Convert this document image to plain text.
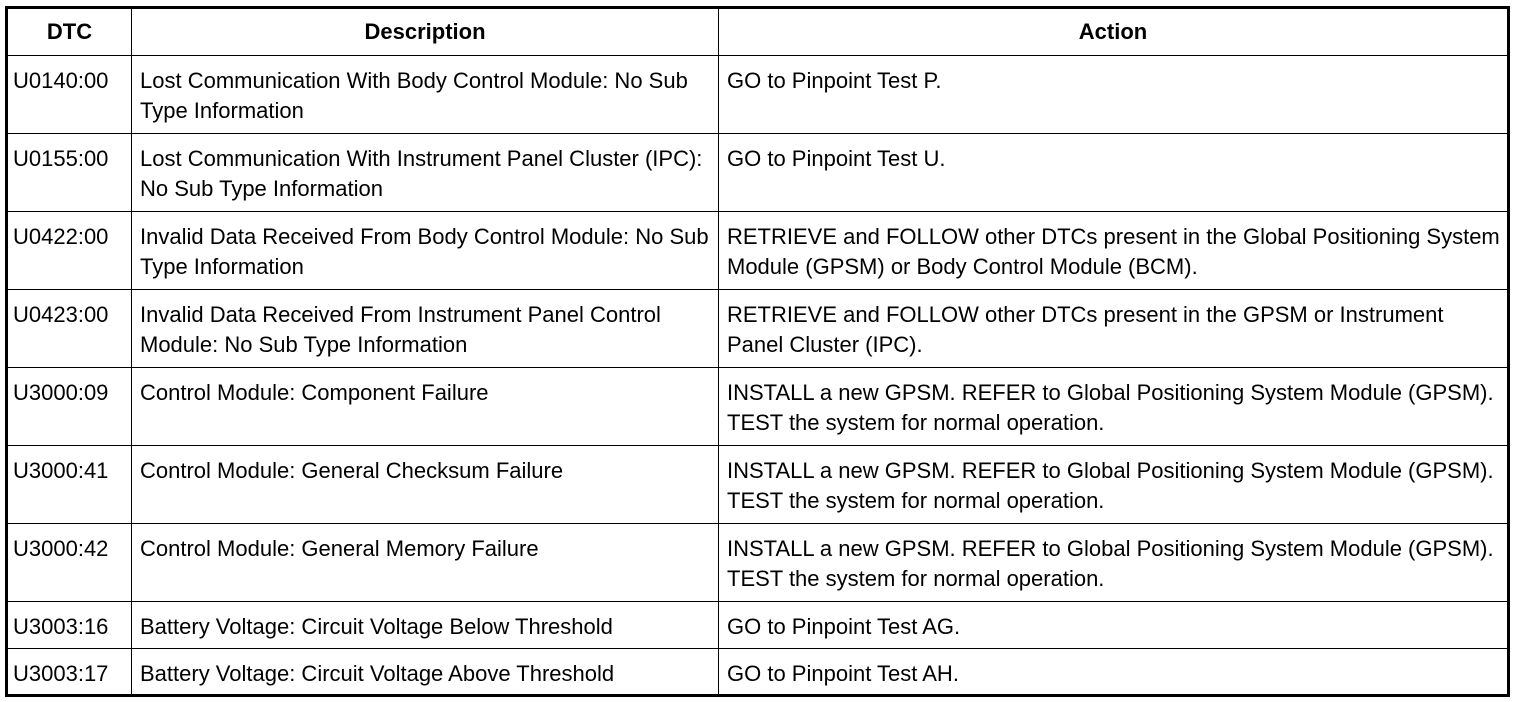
DTC	Description	Action
U0140:00	Lost Communication With Body Control Module: No Sub Type Information	GO to Pinpoint Test P.
U0155:00	Lost Communication With Instrument Panel Cluster (IPC): No Sub Type Information	GO to Pinpoint Test U.
U0422:00	Invalid Data Received From Body Control Module: No Sub Type Information	RETRIEVE and FOLLOW other DTCs present in the Global Positioning System Module (GPSM) or Body Control Module (BCM).
U0423:00	Invalid Data Received From Instrument Panel Control Module: No Sub Type Information	RETRIEVE and FOLLOW other DTCs present in the GPSM or Instrument Panel Cluster (IPC).
U3000:09	Control Module: Component Failure	INSTALL a new GPSM. REFER to Global Positioning System Module (GPSM). TEST the system for normal operation.
U3000:41	Control Module: General Checksum Failure	INSTALL a new GPSM. REFER to Global Positioning System Module (GPSM). TEST the system for normal operation.
U3000:42	Control Module: General Memory Failure	INSTALL a new GPSM. REFER to Global Positioning System Module (GPSM). TEST the system for normal operation.
U3003:16	Battery Voltage: Circuit Voltage Below Threshold	GO to Pinpoint Test AG.
U3003:17	Battery Voltage: Circuit Voltage Above Threshold	GO to Pinpoint Test AH.
